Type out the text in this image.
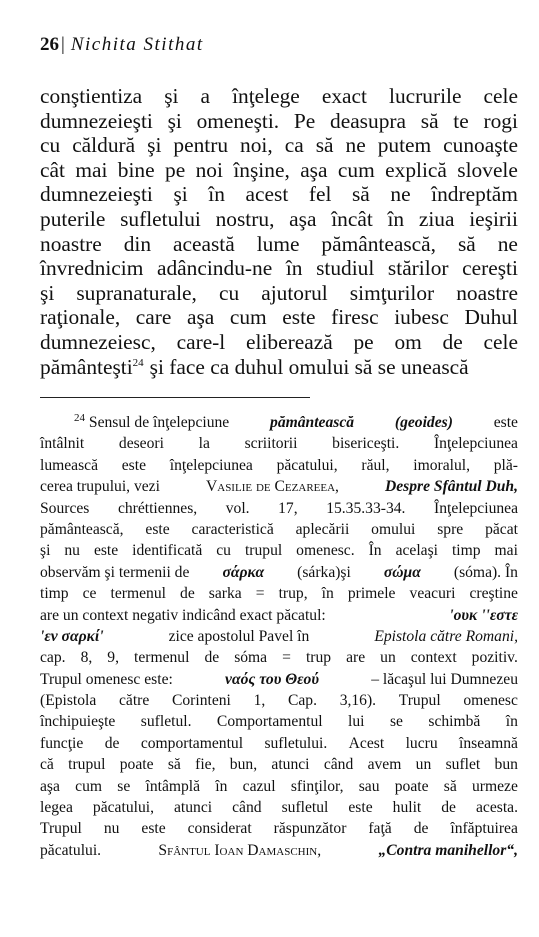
26 | Nichita Stithat
conştientiza şi a înţelege exact lucrurile cele
dumnezeieşti şi omeneşti. Pe deasupra să te rogi
cu căldură şi pentru noi, ca să ne putem cunoaşte
cât mai bine pe noi înşine, aşa cum explică slovele
dumnezeieşti şi în acest fel să ne îndreptăm
puterile sufletului nostru, aşa încât în ziua ieşirii
noastre din această lume pământească, să ne
învrednicim adâncindu-ne în studiul stărilor cereşti
şi supranaturale, cu ajutorul simţurilor noastre
raţionale, care aşa cum este firesc iubesc Duhul
dumnezeiesc, care-l eliberează pe om de cele
pământeşti$^{24}$ şi face ca duhul omului să se unească
$^{24}$ Sensul de înţelepciune	pământească	(geoides)	este
întâlnit deseori la scriitorii bisericeşti. Înţelepciunea
lumească este înţelepciunea păcatului, răul, imoralul, plă-
cerea trupului, vezi	Vasilie de Cezareea,	Despre Sfântul Duh,
Sources chréttiennes, vol. 17, 15.35.33-34. Înţelepciunea
pământească, este caracteristică aplecării omului spre păcat
şi nu este identificată cu trupul omenesc. În acelaşi timp mai
observăm şi termenii de σάρκα (sárka)şi σώμα (sóma). În
timp ce termenul de sarka = trup, în primele veacuri creştine
are un context negativ indicând exact păcatul:	'ουκ ''εστε
'εν σαρκί'	zice apostolul Pavel în	Epistola către Romani,
cap. 8, 9, termenul de sóma = trup are un context pozitiv.
Trupul omenesc este:	ναός του Θεού	– lăcaşul lui Dumnezeu
(Epistola către Corinteni 1, Cap. 3,16). Trupul omenesc
închipuieşte sufletul. Comportamentul lui se schimbă în
funcţie de comportamentul sufletului. Acest lucru înseamnă
că trupul poate să fie, bun, atunci când avem un suflet bun
aşa cum se întâmplă în cazul sfinţilor, sau poate să urmeze
legea păcatului, atunci când sufletul este hulit de acesta.
Trupul nu este considerat răspunzător faţă de înfăptuirea
păcatului.	Sfântul Ioan Damaschin,	„Contra manihellor“,
